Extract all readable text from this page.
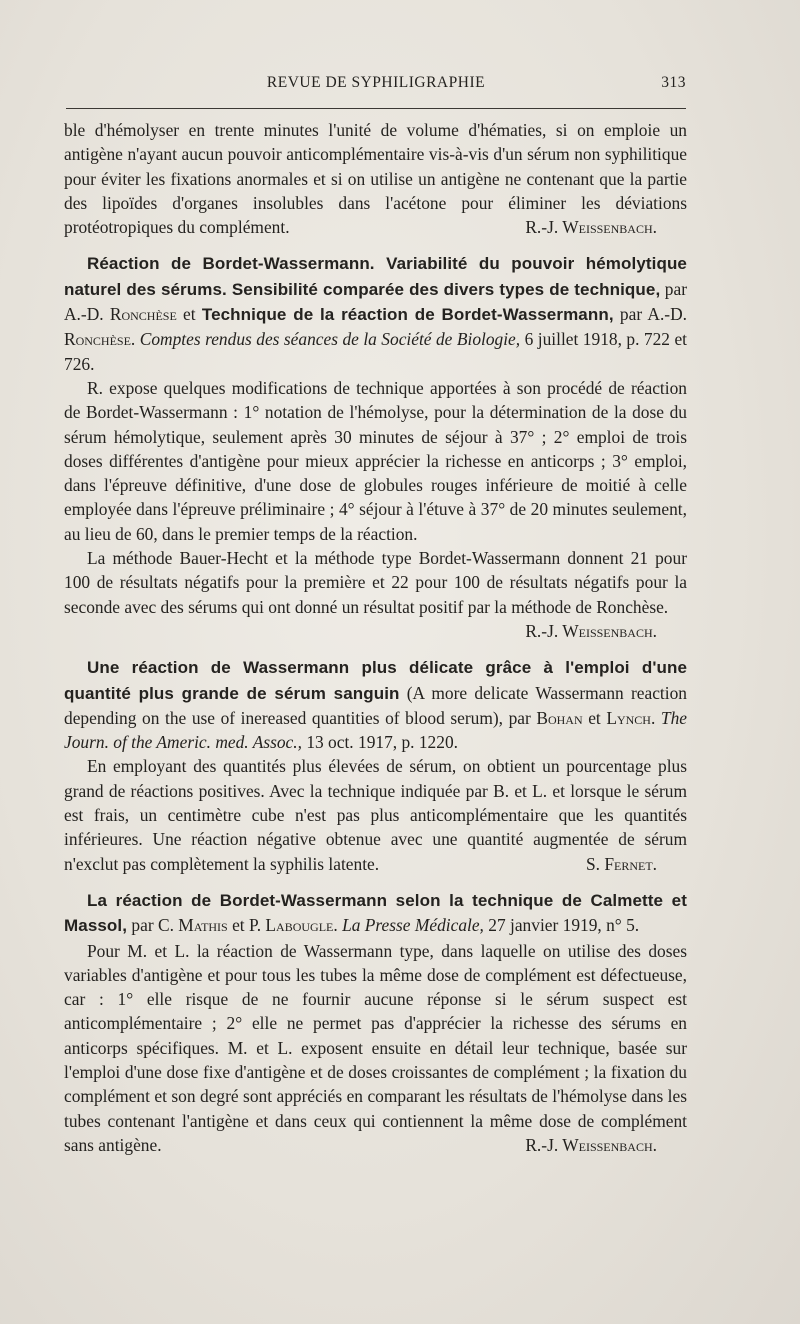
REVUE DE SYPHILIGRAPHIE	313

ble d'hémolyser en trente minutes l'unité de volume d'hématies, si on emploie un antigène n'ayant aucun pouvoir anticomplémentaire vis-à-vis d'un sérum non syphilitique pour éviter les fixations anormales et si on utilise un antigène ne contenant que la partie des lipoïdes d'organes insolubles dans l'acétone pour éliminer les déviations protéotropiques du complément.	R.-J. Weissenbach.

Réaction de Bordet-Wassermann. Variabilité du pouvoir hémolytique naturel des sérums. Sensibilité comparée des divers types de technique, par A.-D. Ronchèse et Technique de la réaction de Bordet-Wassermann, par A.-D. Ronchèse. Comptes rendus des séances de la Société de Biologie, 6 juillet 1918, p. 722 et 726.

R. expose quelques modifications de technique apportées à son procédé de réaction de Bordet-Wassermann : 1° notation de l'hémolyse, pour la détermination de la dose du sérum hémolytique, seulement après 30 minutes de séjour à 37° ; 2° emploi de trois doses différentes d'antigène pour mieux apprécier la richesse en anticorps ; 3° emploi, dans l'épreuve définitive, d'une dose de globules rouges inférieure de moitié à celle employée dans l'épreuve préliminaire ; 4° séjour à l'étuve à 37° de 20 minutes seulement, au lieu de 60, dans le premier temps de la réaction.

La méthode Bauer-Hecht et la méthode type Bordet-Wassermann donnent 21 pour 100 de résultats négatifs pour la première et 22 pour 100 de résultats négatifs pour la seconde avec des sérums qui ont donné un résultat positif par la méthode de Ronchèse.
R.-J. Weissenbach.

Une réaction de Wassermann plus délicate grâce à l'emploi d'une quantité plus grande de sérum sanguin (A more delicate Wassermann reaction depending on the use of inereased quantities of blood serum), par Bohan et Lynch. The Journ. of the Americ. med. Assoc., 13 oct. 1917, p. 1220.

En employant des quantités plus élevées de sérum, on obtient un pourcentage plus grand de réactions positives. Avec la technique indiquée par B. et L. et lorsque le sérum est frais, un centimètre cube n'est pas plus anticomplémentaire que les quantités inférieures. Une réaction négative obtenue avec une quantité augmentée de sérum n'exclut pas complètement la syphilis latente.	S. Fernet.

La réaction de Bordet-Wassermann selon la technique de Calmette et Massol, par C. Mathis et P. Labougle. La Presse Médicale, 27 janvier 1919, n° 5.

Pour M. et L. la réaction de Wassermann type, dans laquelle on utilise des doses variables d'antigène et pour tous les tubes la même dose de complément est défectueuse, car : 1° elle risque de ne fournir aucune réponse si le sérum suspect est anticomplémentaire ; 2° elle ne permet pas d'apprécier la richesse des sérums en anticorps spécifiques. M. et L. exposent ensuite en détail leur technique, basée sur l'emploi d'une dose fixe d'antigène et de doses croissantes de complément ; la fixation du complément et son degré sont appréciés en comparant les résultats de l'hémolyse dans les tubes contenant l'antigène et dans ceux qui contiennent la même dose de complément sans antigène.	R.-J. Weissenbach.
